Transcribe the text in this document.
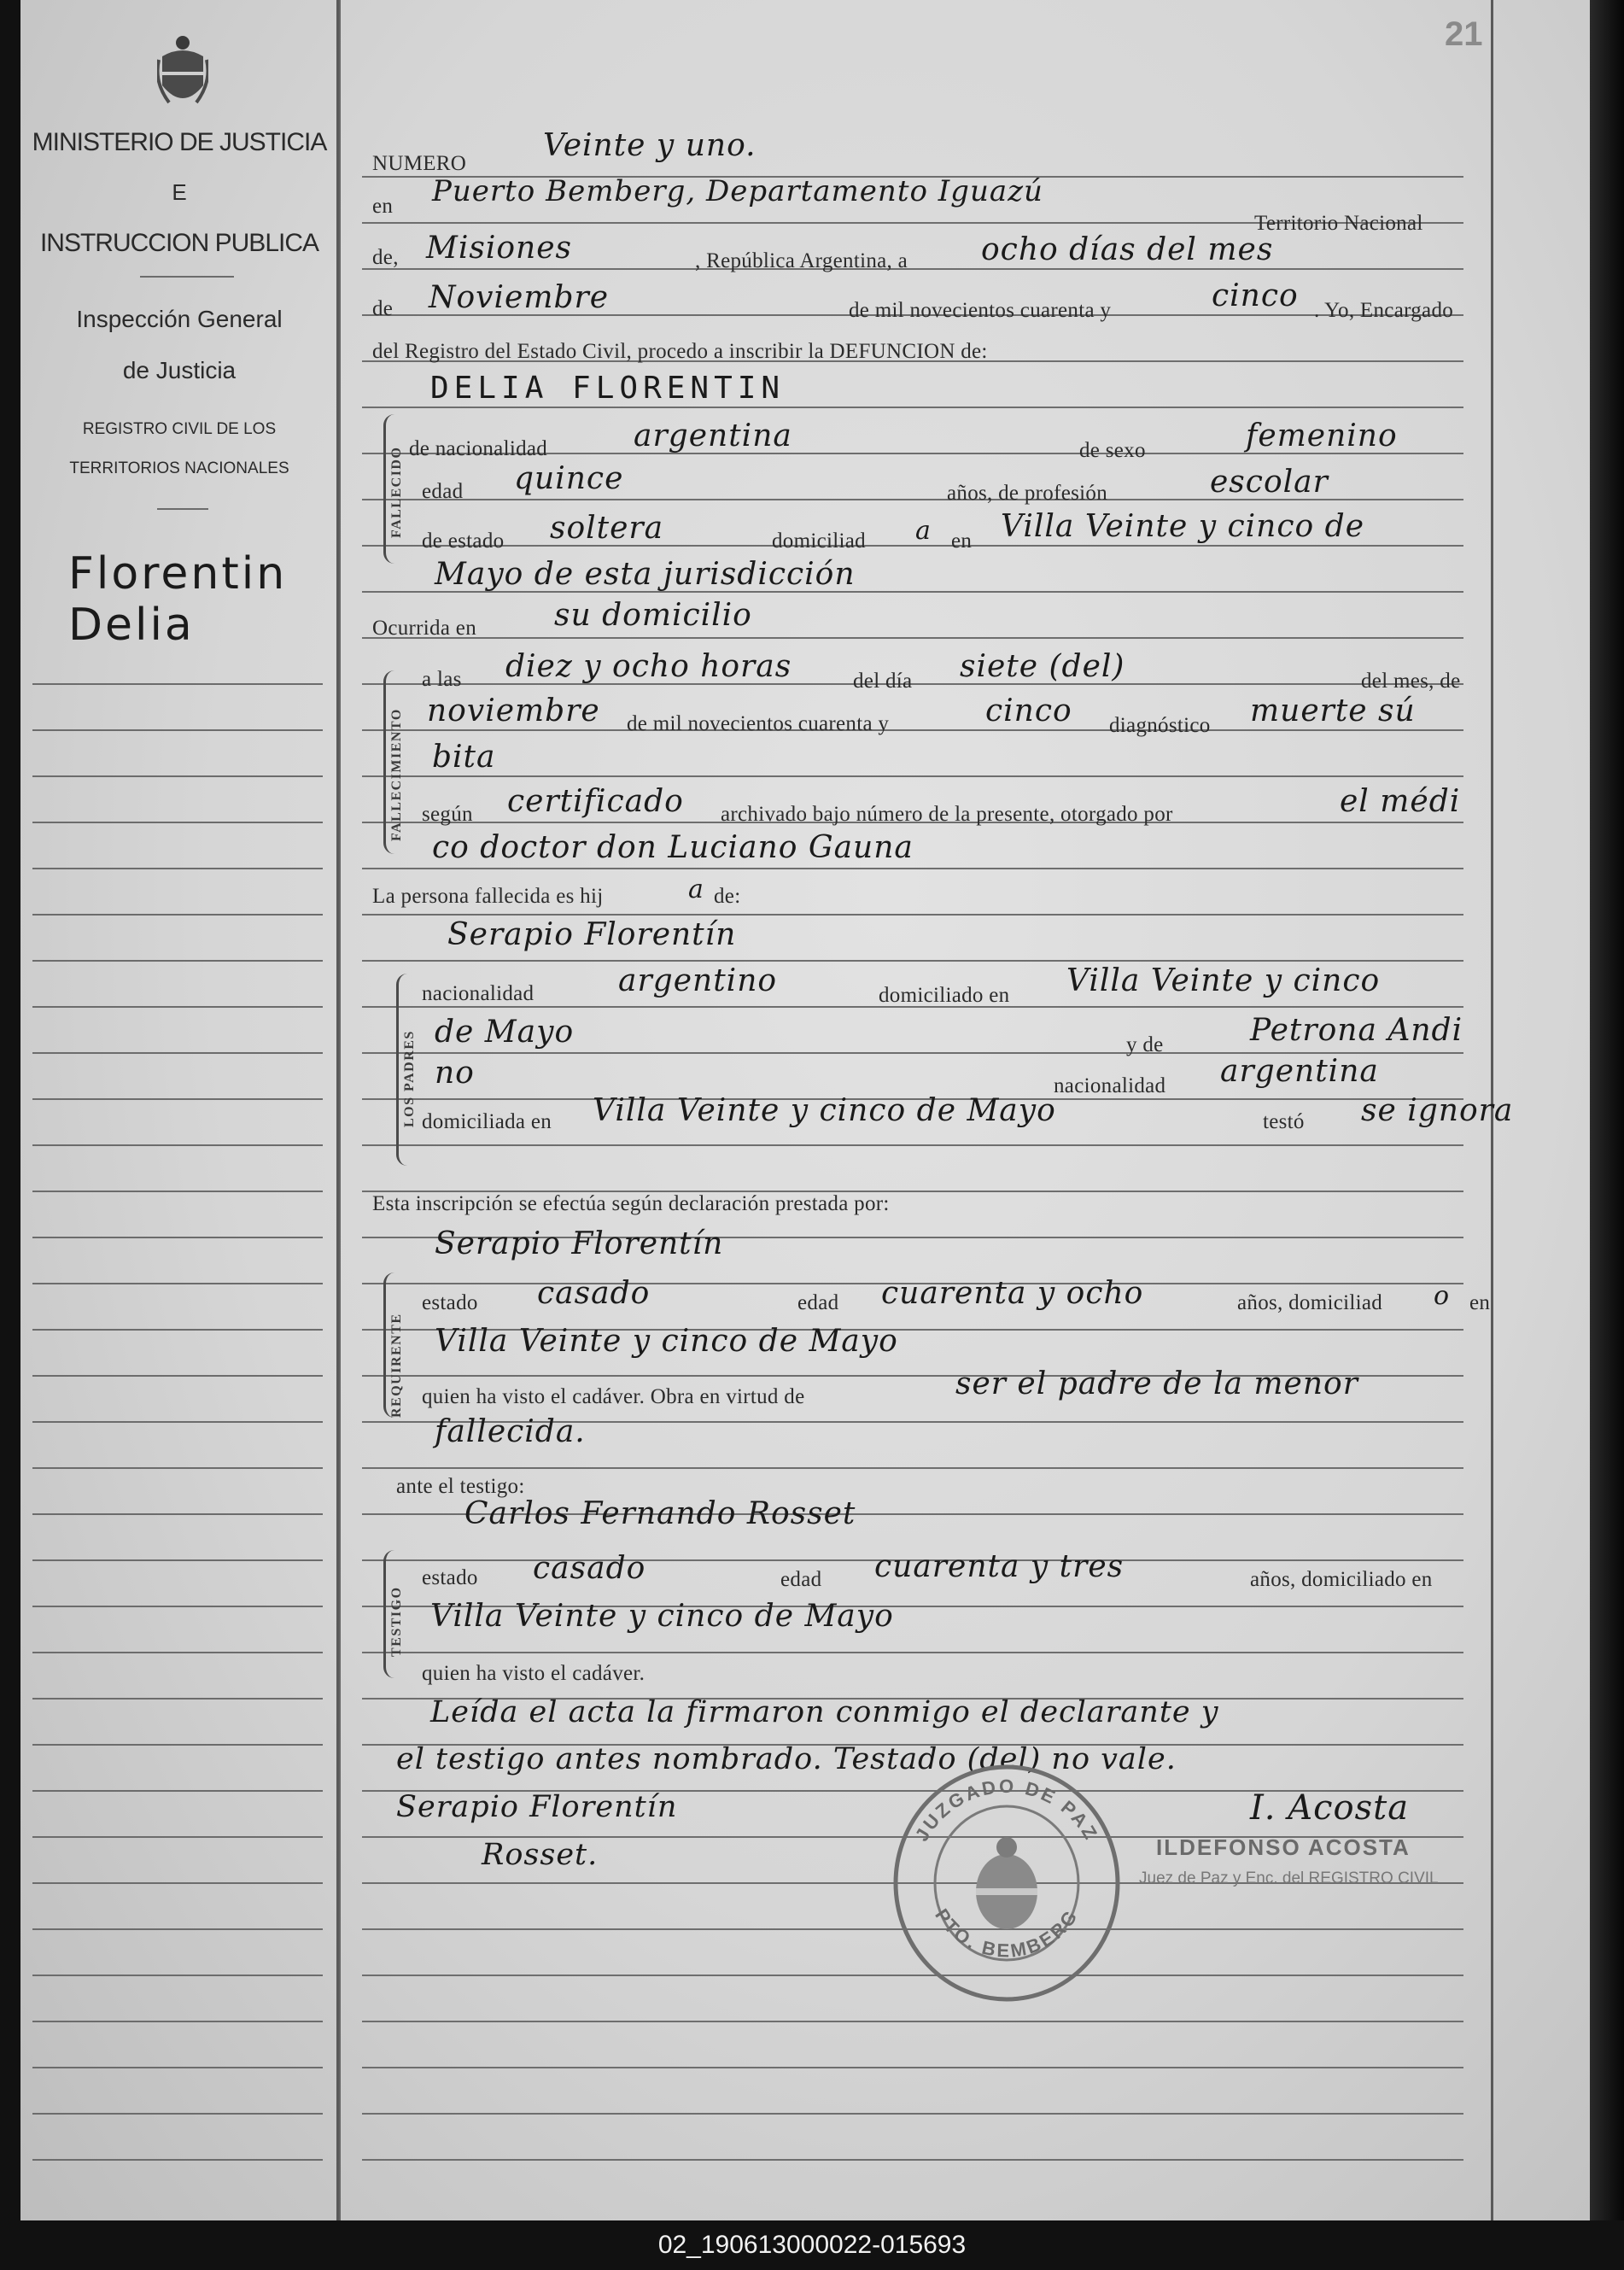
MINISTERIO DE JUSTICIA
E
INSTRUCCION PUBLICA
Inspección General
de Justicia
REGISTRO CIVIL DE LOS
TERRITORIOS NACIONALES
Florentin
Delia
21
FALLECIDO
FALLECIMIENTO
LOS PADRES
REQUIRENTE
TESTIGO
NUMERO
en
Territorio Nacional
de,	, República Argentina, a
de	de mil novecientos cuarenta y	. Yo, Encargado
del Registro del Estado Civil, procedo a inscribir la DEFUNCION de:
de nacionalidad	de sexo
edad	años, de profesión
de estado	domiciliad	en
Ocurrida en
a las	del día	del mes, de
de mil novecientos cuarenta y	diagnóstico
según	archivado bajo número de la presente, otorgado por
La persona fallecida es hij	de:
nacionalidad	domiciliado en
y de
nacionalidad
domiciliada en	testó
Esta inscripción se efectúa según declaración prestada por:
estado	edad	años, domiciliad	en
quien ha visto el cadáver. Obra en virtud de
ante el testigo:
estado	edad	años, domiciliado en
quien ha visto el cadáver.
Veinte y uno.
Puerto Bemberg, Departamento Iguazú
Misiones	ocho días del mes
Noviembre	cinco
DELIA FLORENTIN
argentina	femenino
quince	escolar
soltera	a Villa Veinte y cinco de
Mayo de esta jurisdicción
su domicilio
diez y ocho horas	siete (del)
noviembre	cinco	muerte sú
bita
certificado	el médi
co doctor don Luciano Gauna
a
Serapio Florentín
argentino	Villa Veinte y cinco
de Mayo	Petrona Andi
no	argentina
Villa Veinte y cinco de Mayo	se ignora
Serapio Florentín
casado	cuarenta y ocho	o
Villa Veinte y cinco de Mayo
ser el padre de la menor
fallecida.
Carlos Fernando Rosset
casado	cuarenta y tres
Villa Veinte y cinco de Mayo
Leída el acta la firmaron conmigo el declarante y
el testigo antes nombrado. Testado (del) no vale.
Serapio Florentín
Rosset.
I. Acosta
JUZGADO DE PAZ
PTO. BEMBERG
ILDEFONSO ACOSTA
Juez de Paz y Enc. del REGISTRO CIVIL
02_190613000022-015693
